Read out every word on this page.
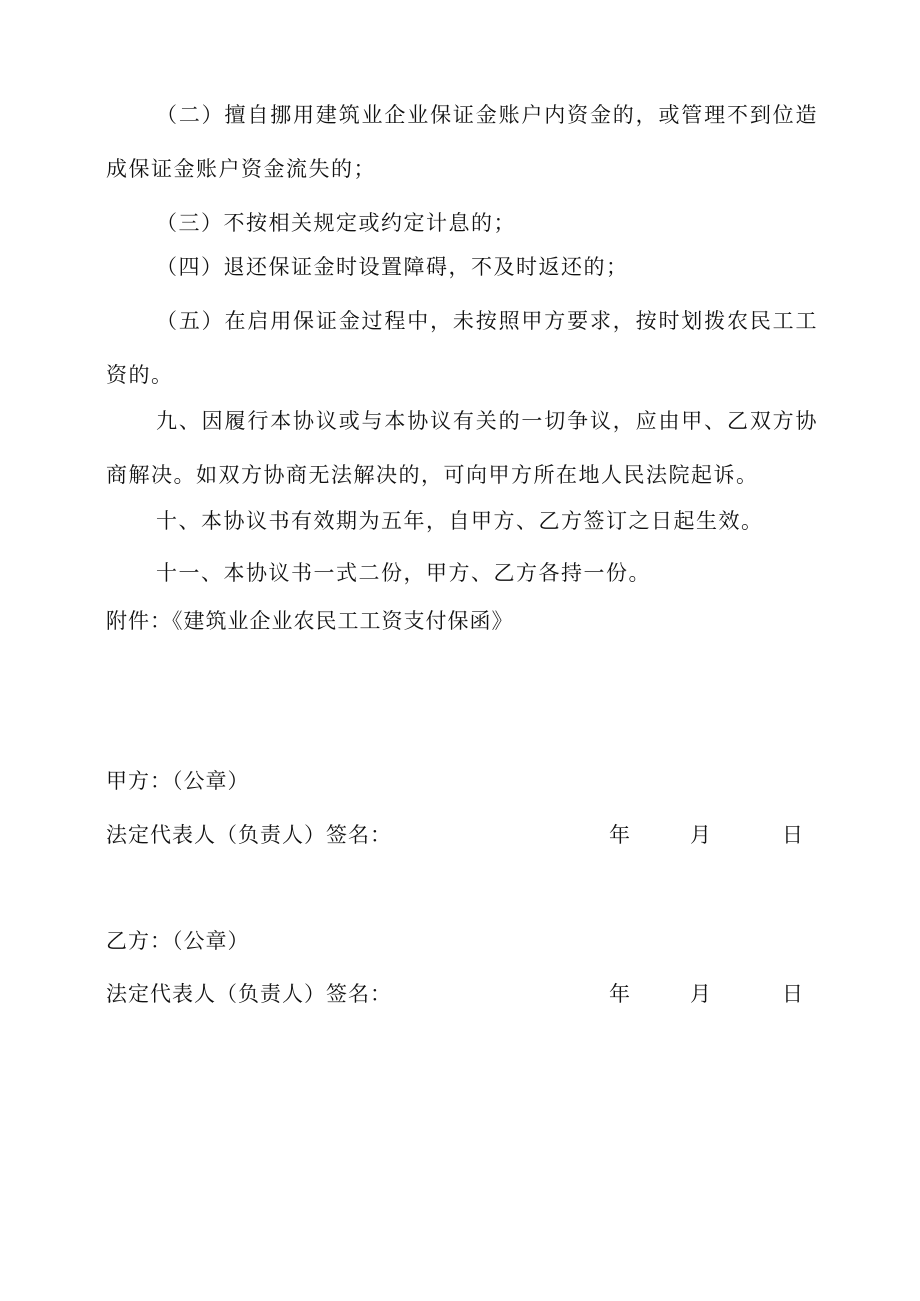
（二）擅自挪用建筑业企业保证金账户内资金的，或管理不到位造成保证金账户资金流失的；

（三）不按相关规定或约定计息的；

（四）退还保证金时设置障碍，不及时返还的；

（五）在启用保证金过程中，未按照甲方要求，按时划拨农民工工资的。

九、因履行本协议或与本协议有关的一切争议，应由甲、乙双方协商解决。如双方协商无法解决的，可向甲方所在地人民法院起诉。

十、本协议书有效期为五年，自甲方、乙方签订之日起生效。

十一、本协议书一式二份，甲方、乙方各持一份。

附件：《建筑业企业农民工工资支付保函》
甲方：（公章）
法定代表人（负责人）签名：	年	月	日
乙方：（公章）
法定代表人（负责人）签名：	年	月	日
